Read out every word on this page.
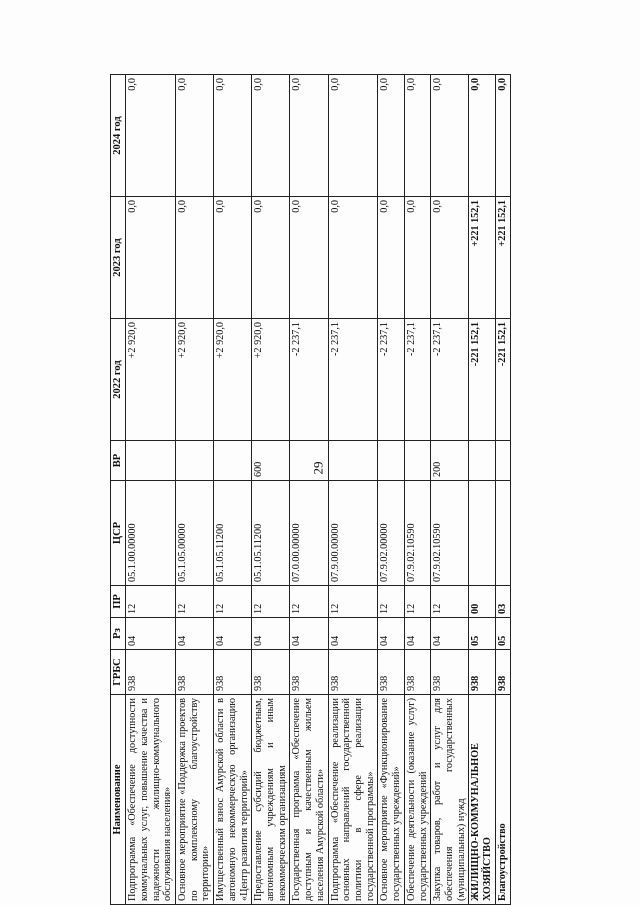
29
Наименование	ГРБС	Рз	ПР	ЦСР	ВР	2022 год	2023 год	2024 год
Подпрограмма «Обеспечение доступности коммунальных услуг, повышение качества и надежности жилищно-коммунального обслуживания населения»	938	04	12	05.1.00.00000		+2 920,0	0,0	0,0
Основное мероприятие «Поддержка проектов по комплексному благоустройству территории»	938	04	12	05.1.05.00000		+2 920,0	0,0	0,0
Имущественный взнос Амурской области в автономную некоммерческую организацию «Центр развития территорий»	938	04	12	05.1.05.11200		+2 920,0	0,0	0,0
Предоставление субсидий бюджетным, автономным учреждениям и иным некоммерческим организациям	938	04	12	05.1.05.11200	600	+2 920,0	0,0	0,0
Государственная программа «Обеспечение доступным и качественным жильем населения Амурской области»	938	04	12	07.0.00.00000		-2 237,1	0,0	0,0
Подпрограмма «Обеспечение реализации основных направлений государственной политики в сфере реализации государственной программы»	938	04	12	07.9.00.00000		-2 237,1	0,0	0,0
Основное мероприятие «Функционирование государственных учреждений»	938	04	12	07.9.02.00000		-2 237,1	0,0	0,0
Обеспечение деятельности (оказание услуг) государственных учреждений	938	04	12	07.9.02.10590		-2 237,1	0,0	0,0
Закупка товаров, работ и услуг для обеспечения государственных (муниципальных) нужд	938	04	12	07.9.02.10590	200	-2 237,1	0,0	0,0
ЖИЛИЩНО-КОММУНАЛЬНОЕ ХОЗЯЙСТВО	938	05	00			-221 152,1	+221 152,1	0,0
Благоустройство	938	05	03			-221 152,1	+221 152,1	0,0
